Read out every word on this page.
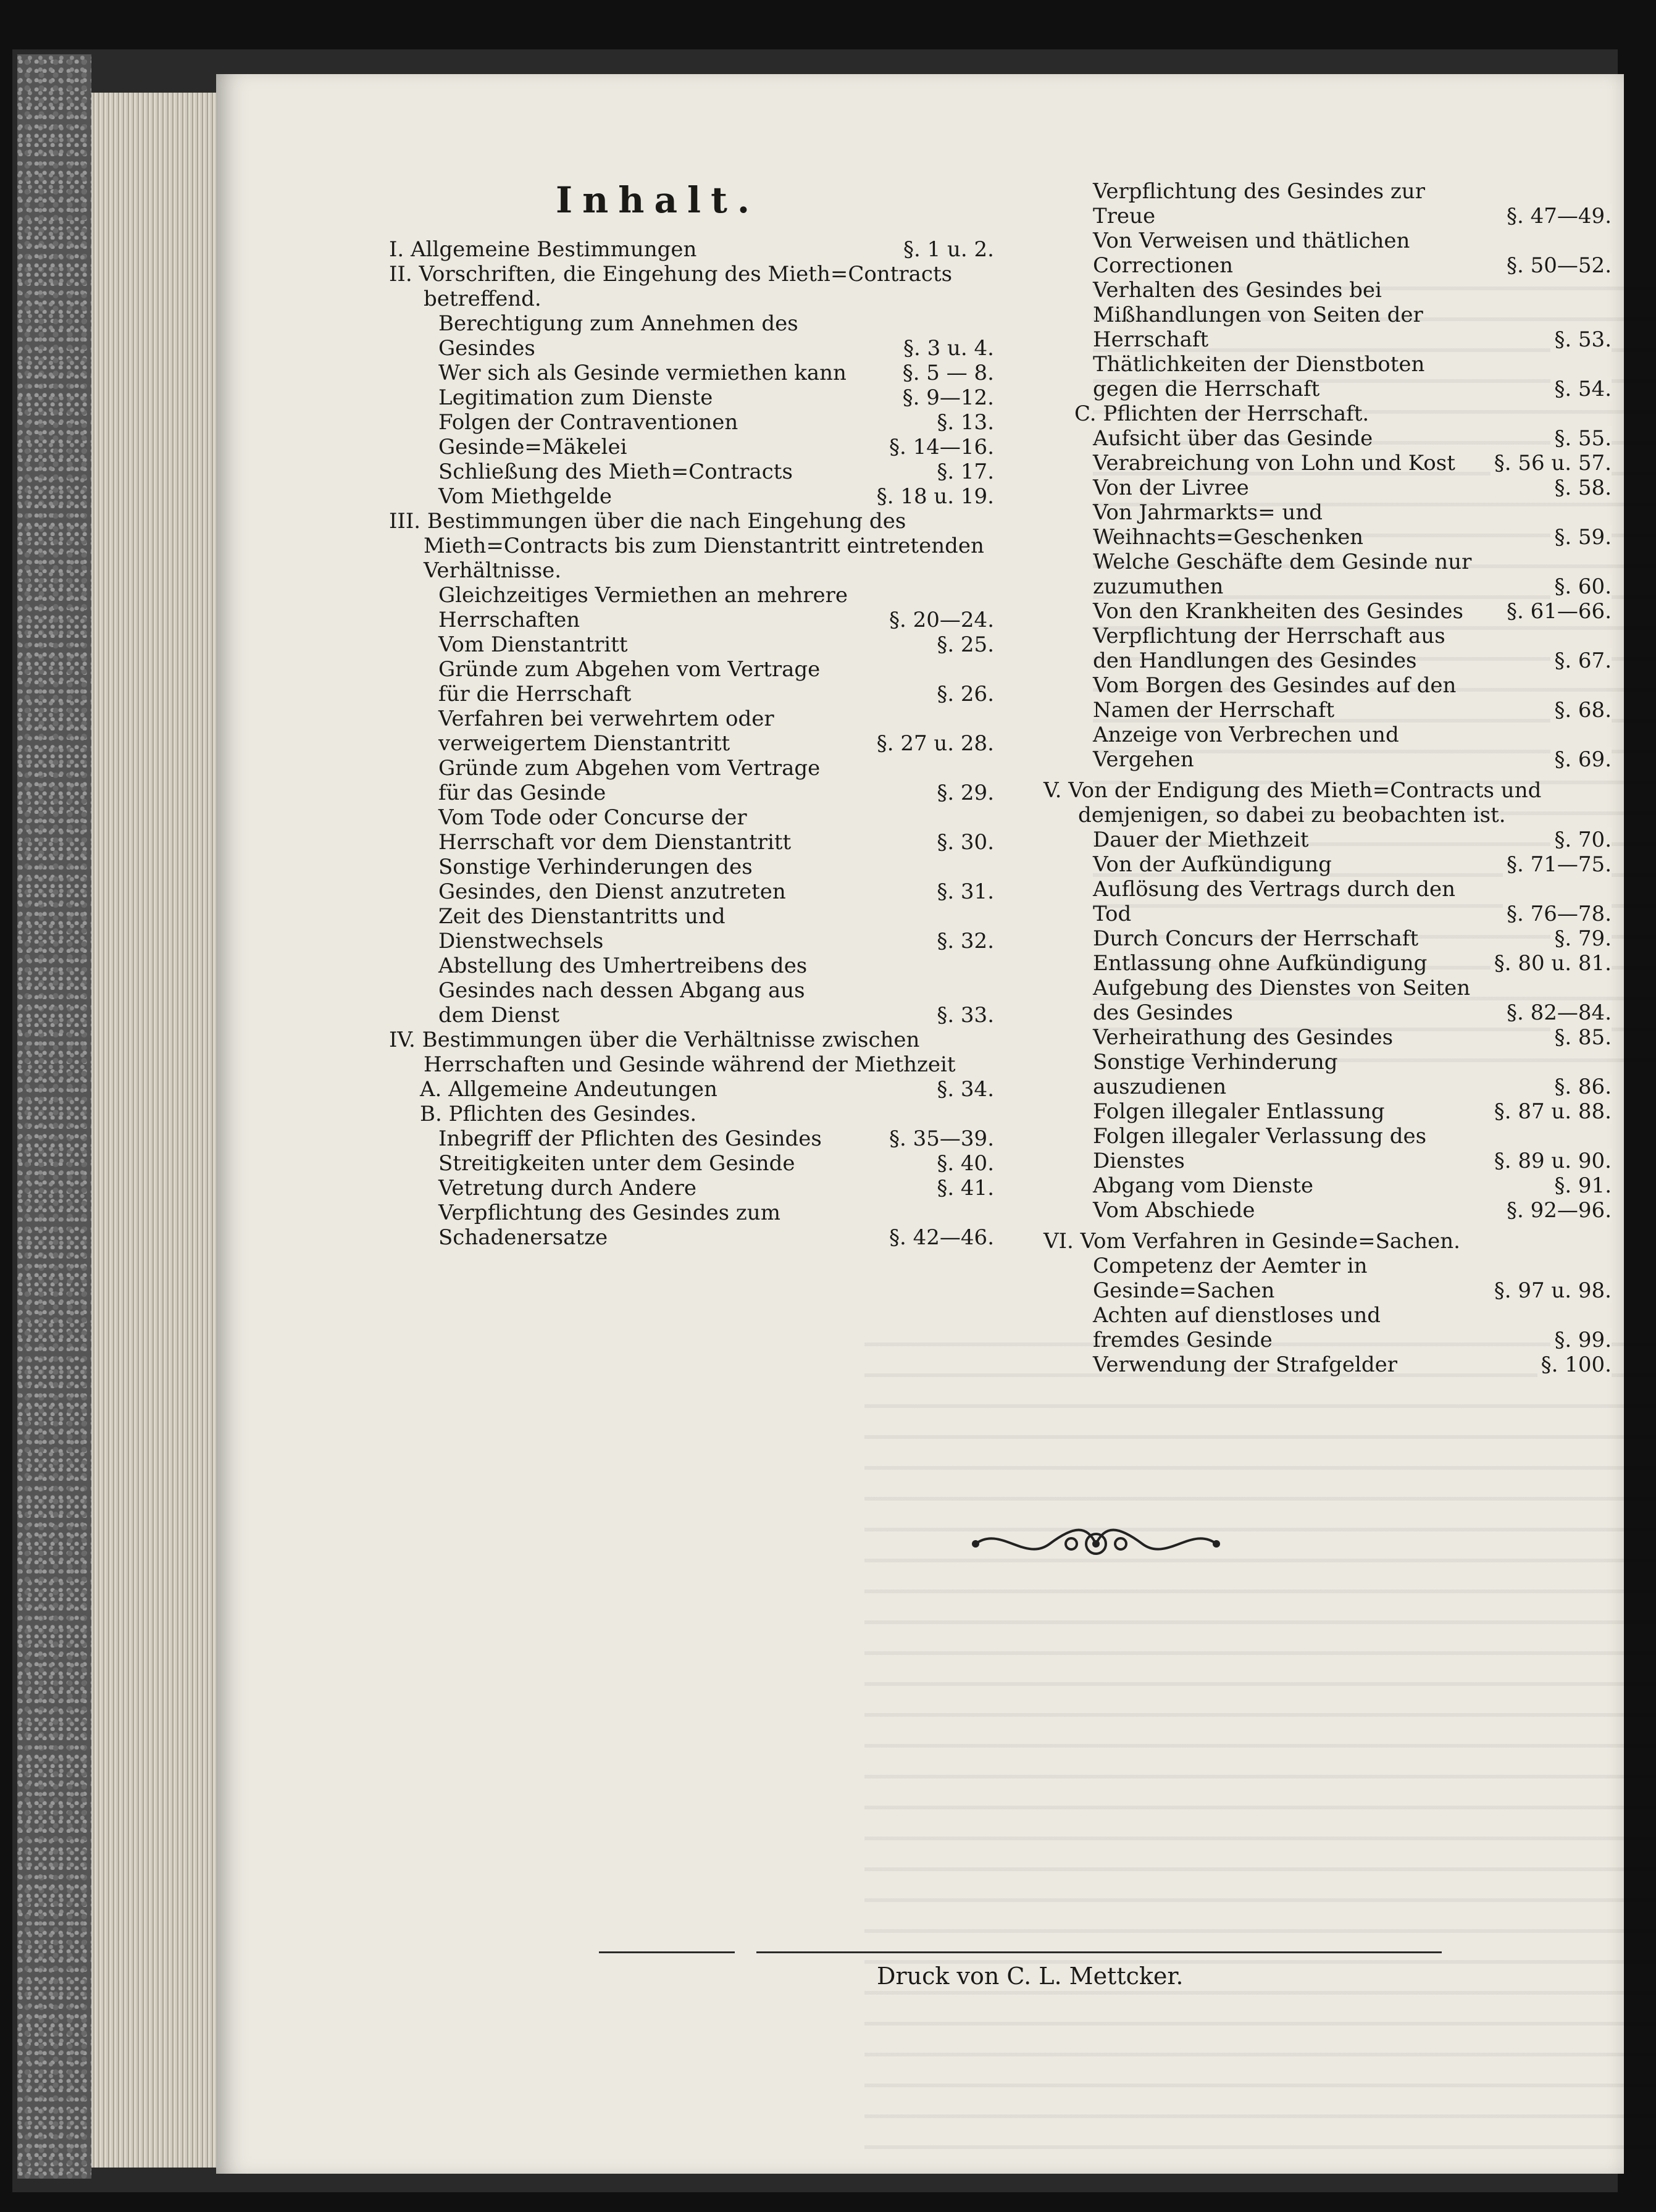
Inhalt.
I. Allgemeine Bestimmungen	§. 1 u. 2.
II. Vorschriften, die Eingehung des Mieth=Contracts betreffend.
Berechtigung zum Annehmen des Gesindes	§. 3 u. 4.
Wer sich als Gesinde vermiethen kann	§. 5 — 8.
Legitimation zum Dienste	§. 9—12.
Folgen der Contraventionen	§. 13.
Gesinde=Mäkelei	§. 14—16.
Schließung des Mieth=Contracts	§. 17.
Vom Miethgelde	§. 18 u. 19.
III. Bestimmungen über die nach Eingehung des Mieth=Contracts bis zum Dienstantritt eintretenden Verhältnisse.
Gleichzeitiges Vermiethen an mehrere Herrschaften	§. 20—24.
Vom Dienstantritt	§. 25.
Gründe zum Abgehen vom Vertrage für die Herrschaft	§. 26.
Verfahren bei verwehrtem oder verweigertem Dienstantritt	§. 27 u. 28.
Gründe zum Abgehen vom Vertrage für das Gesinde	§. 29.
Vom Tode oder Concurse der Herrschaft vor dem Dienstantritt	§. 30.
Sonstige Verhinderungen des Gesindes, den Dienst anzutreten	§. 31.
Zeit des Dienstantritts und Dienstwechsels	§. 32.
Abstellung des Umhertreibens des Gesindes nach dessen Abgang aus dem Dienst	§. 33.
IV. Bestimmungen über die Verhältnisse zwischen Herrschaften und Gesinde während der Miethzeit
A. Allgemeine Andeutungen	§. 34.
B. Pflichten des Gesindes.
Inbegriff der Pflichten des Gesindes	§. 35—39.
Streitigkeiten unter dem Gesinde	§. 40.
Vetretung durch Andere	§. 41.
Verpflichtung des Gesindes zum Schadenersatze	§. 42—46.
Verpflichtung des Gesindes zur Treue	§. 47—49.
Von Verweisen und thätlichen Correctionen	§. 50—52.
Verhalten des Gesindes bei Mißhandlungen von Seiten der Herrschaft	§. 53.
Thätlichkeiten der Dienstboten gegen die Herrschaft	§. 54.
C. Pflichten der Herrschaft.
Aufsicht über das Gesinde	§. 55.
Verabreichung von Lohn und Kost	§. 56 u. 57.
Von der Livree	§. 58.
Von Jahrmarkts= und Weihnachts=Geschenken	§. 59.
Welche Geschäfte dem Gesinde nur zuzumuthen	§. 60.
Von den Krankheiten des Gesindes	§. 61—66.
Verpflichtung der Herrschaft aus den Handlungen des Gesindes	§. 67.
Vom Borgen des Gesindes auf den Namen der Herrschaft	§. 68.
Anzeige von Verbrechen und Vergehen	§. 69.
V. Von der Endigung des Mieth=Contracts und demjenigen, so dabei zu beobachten ist.
Dauer der Miethzeit	§. 70.
Von der Aufkündigung	§. 71—75.
Auflösung des Vertrags durch den Tod	§. 76—78.
Durch Concurs der Herrschaft	§. 79.
Entlassung ohne Aufkündigung	§. 80 u. 81.
Aufgebung des Dienstes von Seiten des Gesindes	§. 82—84.
Verheirathung des Gesindes	§. 85.
Sonstige Verhinderung auszudienen	§. 86.
Folgen illegaler Entlassung	§. 87 u. 88.
Folgen illegaler Verlassung des Dienstes	§. 89 u. 90.
Abgang vom Dienste	§. 91.
Vom Abschiede	§. 92—96.
VI. Vom Verfahren in Gesinde=Sachen.
Competenz der Aemter in Gesinde=Sachen	§. 97 u. 98.
Achten auf dienstloses und fremdes Gesinde	§. 99.
Verwendung der Strafgelder	§. 100.
Druck von C. L. Mettcker.
